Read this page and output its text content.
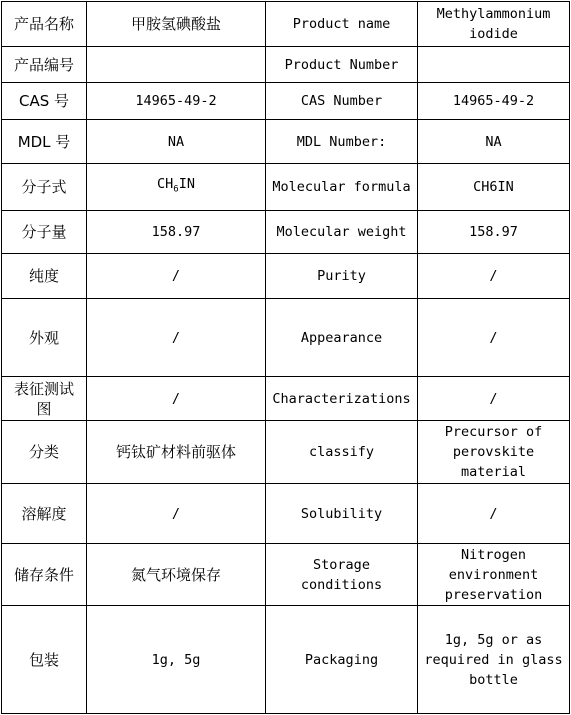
产品名称	甲胺氢碘酸盐	Product name	Methylammonium
iodide

产品编号		Product Number	

CAS 号	14965-49-2	CAS Number	14965-49-2

MDL 号	NA	MDL Number:	NA

分子式	$CH_6IN$	Molecular formula	CH6IN

分子量	158.97	Molecular weight	158.97

纯度	/	Purity	/

外观	/	Appearance	/

表征测试
图	/	Characterizations	/

分类	钙钛矿材料前驱体	classify	Precursor of
perovskite
material

溶解度	/	Solubility	/

储存条件	氮气环境保存	Storage
conditions	Nitrogen
environment
preservation

包装	1g, 5g	Packaging	1g, 5g or as
required in glass
bottle
